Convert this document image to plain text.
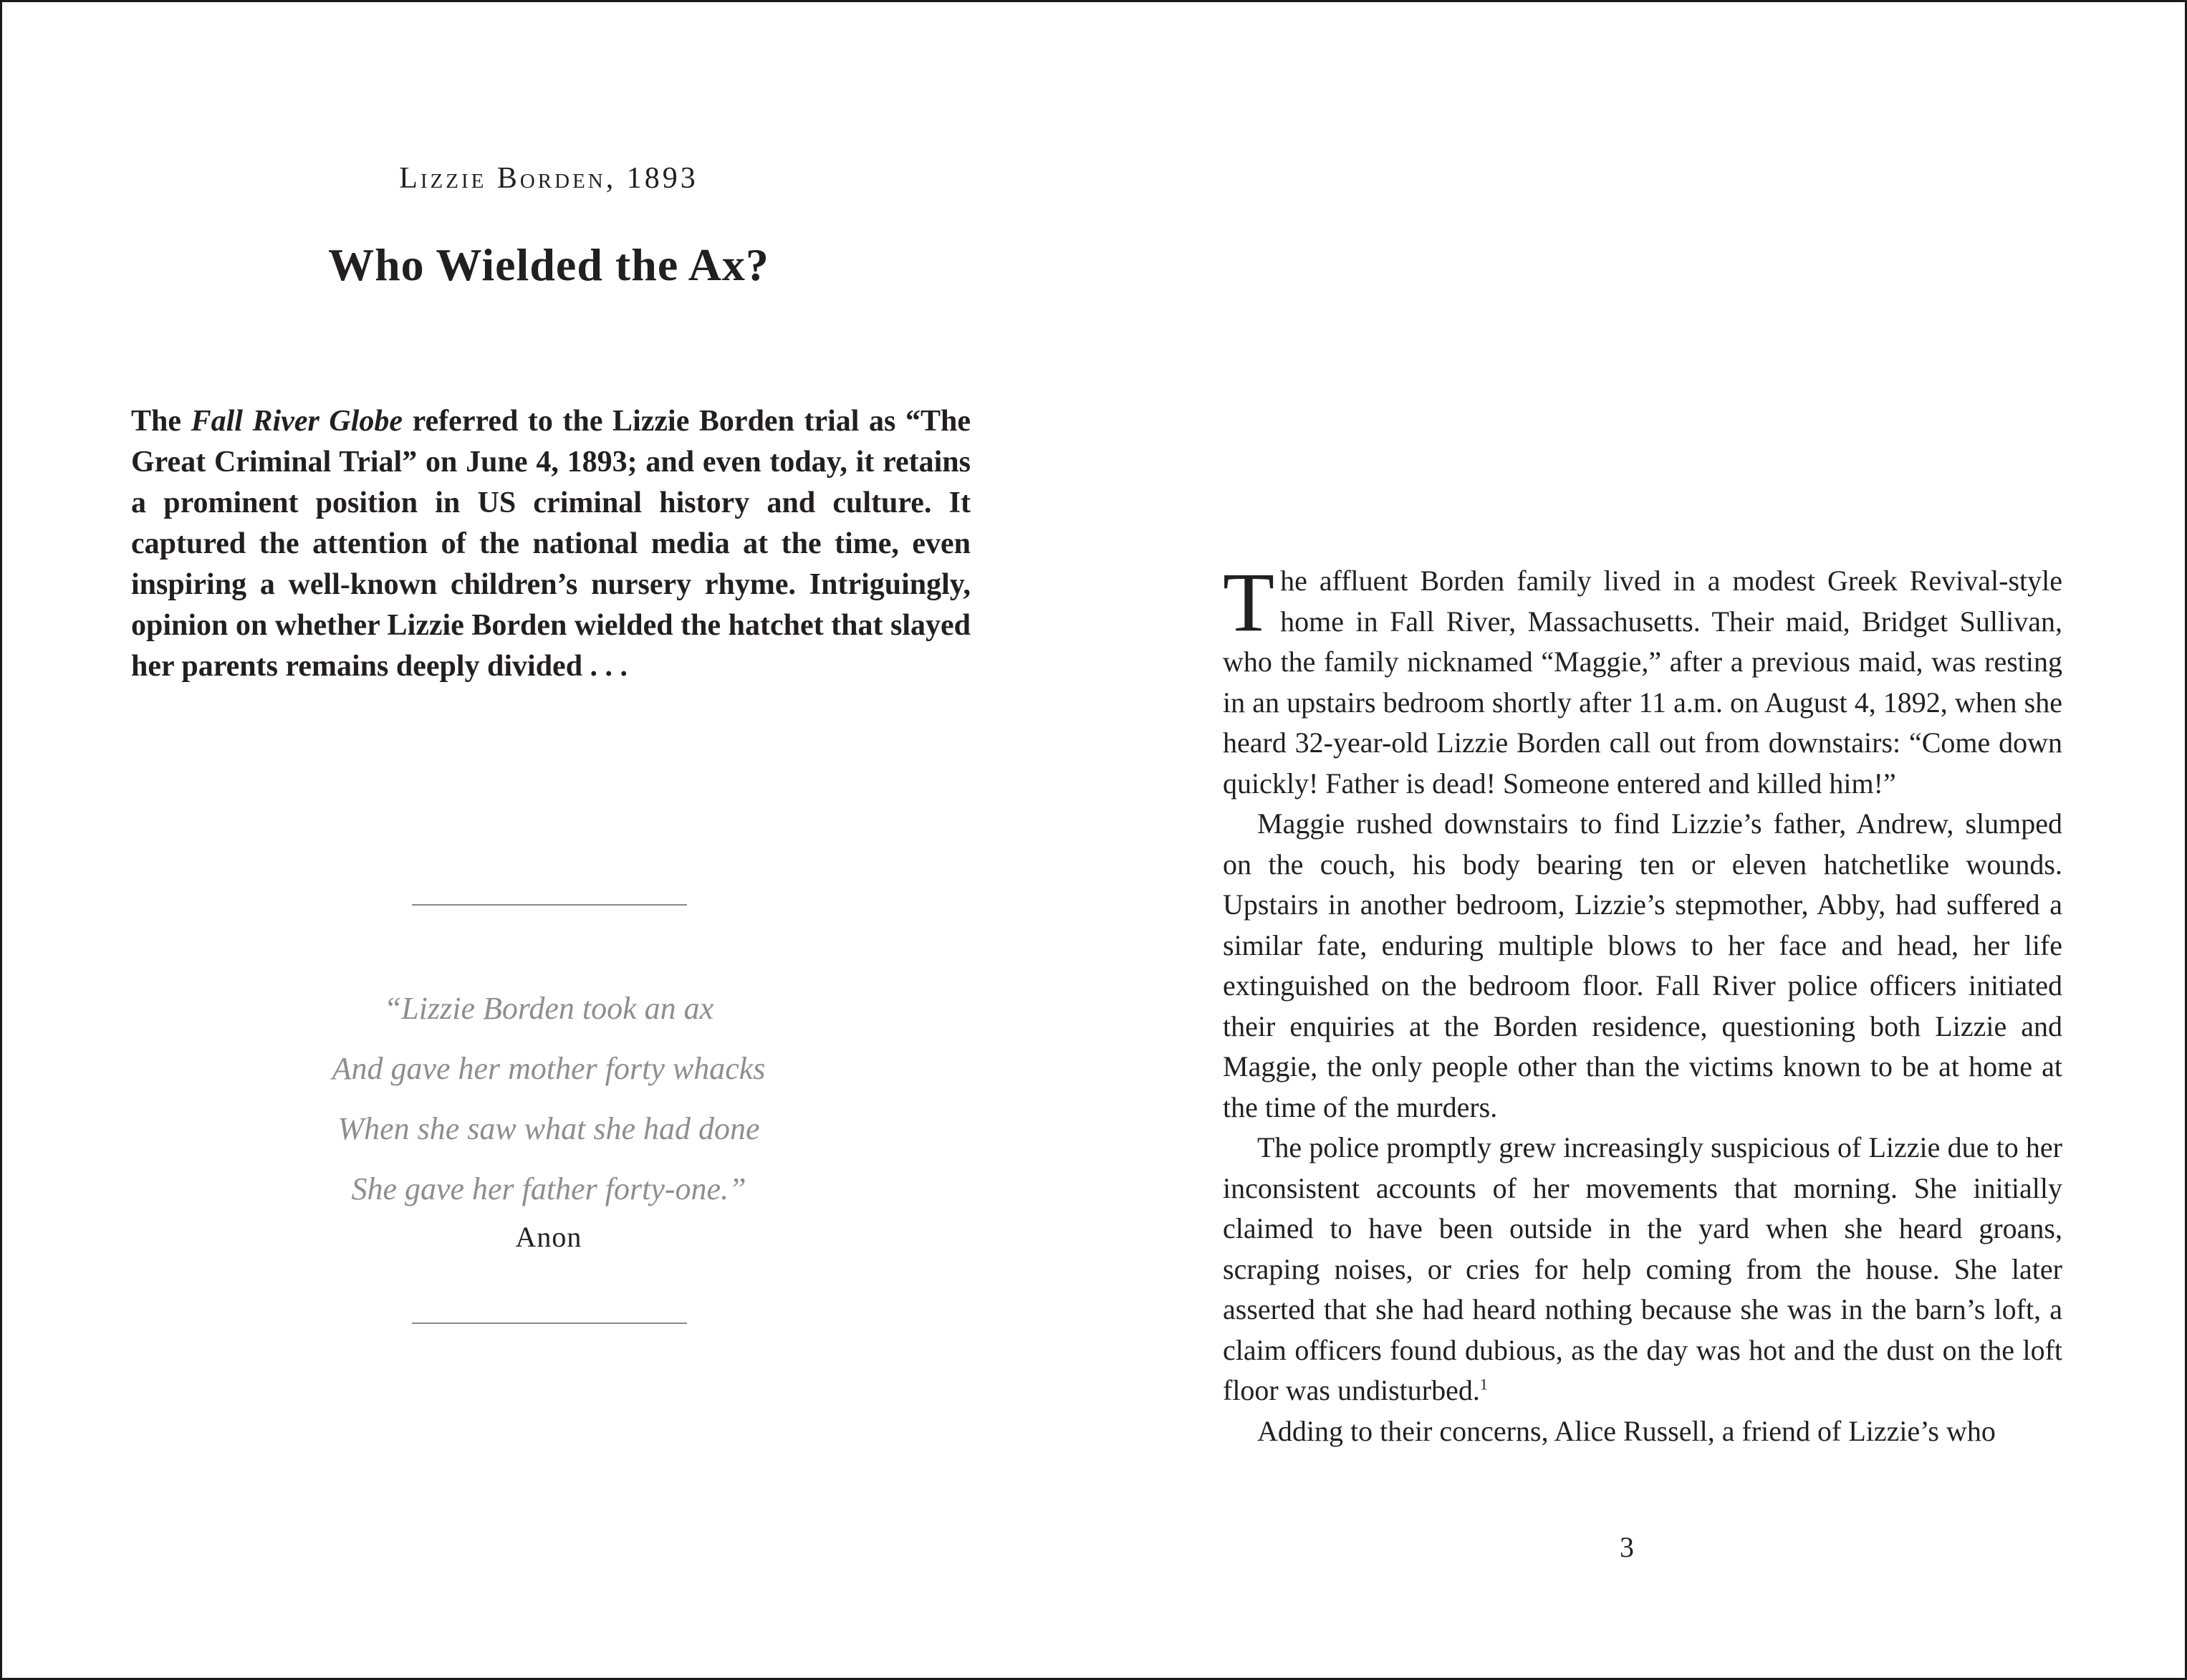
Lizzie Borden, 1893
Who Wielded the Ax?

The Fall River Globe referred to the Lizzie Borden trial as “The Great Criminal Trial” on June 4, 1893; and even today, it retains a prominent position in US criminal history and culture. It captured the attention of the national media at the time, even inspiring a well-known children’s nursery rhyme. Intriguingly, opinion on whether Lizzie Borden wielded the hatchet that slayed her parents remains deeply divided . . .

“Lizzie Borden took an ax
And gave her mother forty whacks
When she saw what she had done
She gave her father forty-one.”
Anon

The affluent Borden family lived in a modest Greek Revival-style home in Fall River, Massachusetts. Their maid, Bridget Sullivan, who the family nicknamed “Maggie,” after a previous maid, was resting in an upstairs bedroom shortly after 11 a.m. on August 4, 1892, when she heard 32-year-old Lizzie Borden call out from downstairs: “Come down quickly! Father is dead! Someone entered and killed him!”

Maggie rushed downstairs to find Lizzie’s father, Andrew, slumped on the couch, his body bearing ten or eleven hatchetlike wounds. Upstairs in another bedroom, Lizzie’s stepmother, Abby, had suffered a similar fate, enduring multiple blows to her face and head, her life extinguished on the bedroom floor. Fall River police officers initiated their enquiries at the Borden residence, questioning both Lizzie and Maggie, the only people other than the victims known to be at home at the time of the murders.

The police promptly grew increasingly suspicious of Lizzie due to her inconsistent accounts of her movements that morning. She initially claimed to have been outside in the yard when she heard groans, scraping noises, or cries for help coming from the house. She later asserted that she had heard nothing because she was in the barn’s loft, a claim officers found dubious, as the day was hot and the dust on the loft floor was undisturbed.$^1$

Adding to their concerns, Alice Russell, a friend of Lizzie’s who

3
